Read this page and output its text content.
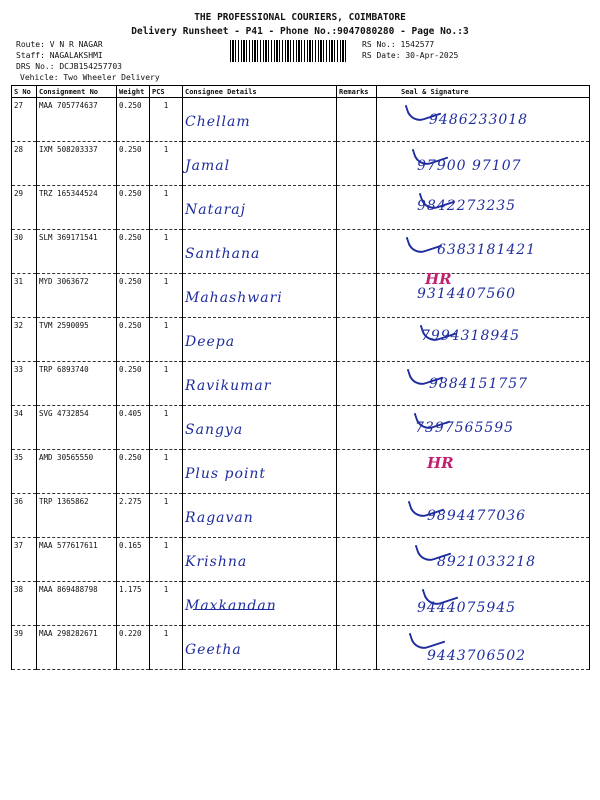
THE PROFESSIONAL COURIERS, COIMBATORE
Delivery Runsheet - P41 - Phone No.:9047080280 - Page No.:3
Route: V N R NAGAR
Staff: NAGALAKSHMI
DRS No.: DCJB154257703
Vehicle: Two Wheeler Delivery
RS No.: 1542577
RS Date: 30-Apr-2025
S No	Consignment No	Weight	PCS	Consignee Details	Remarks	Seal & Signature
27	MAA 705774637	0.250	1	Chellam		9486233018

28	IXM 508203337	0.250	1	Jamal		97900 97107

29	TRZ 165344524	0.250	1	Nataraj		9842273235

30	SLM 369171541	0.250	1	Santhana		6383181421

31	MYD 3063672	0.250	1	Mahashwari		HR
9314407560

32	TVM 2590095	0.250	1	Deepa		7994318945

33	TRP 6893740	0.250	1	Ravikumar		9884151757

34	SVG 4732854	0.405	1	Sangya		7397565595

35	AMD 30565550	0.250	1	Plus point		HR

36	TRP 1365862	2.275	1	Ragavan		9894477036

37	MAA 577617611	0.165	1	Krishna		8921033218

38	MAA 869488798	1.175	1	Maxkandan		9444075945

39	MAA 298282671	0.220	1	Geetha		9443706502
